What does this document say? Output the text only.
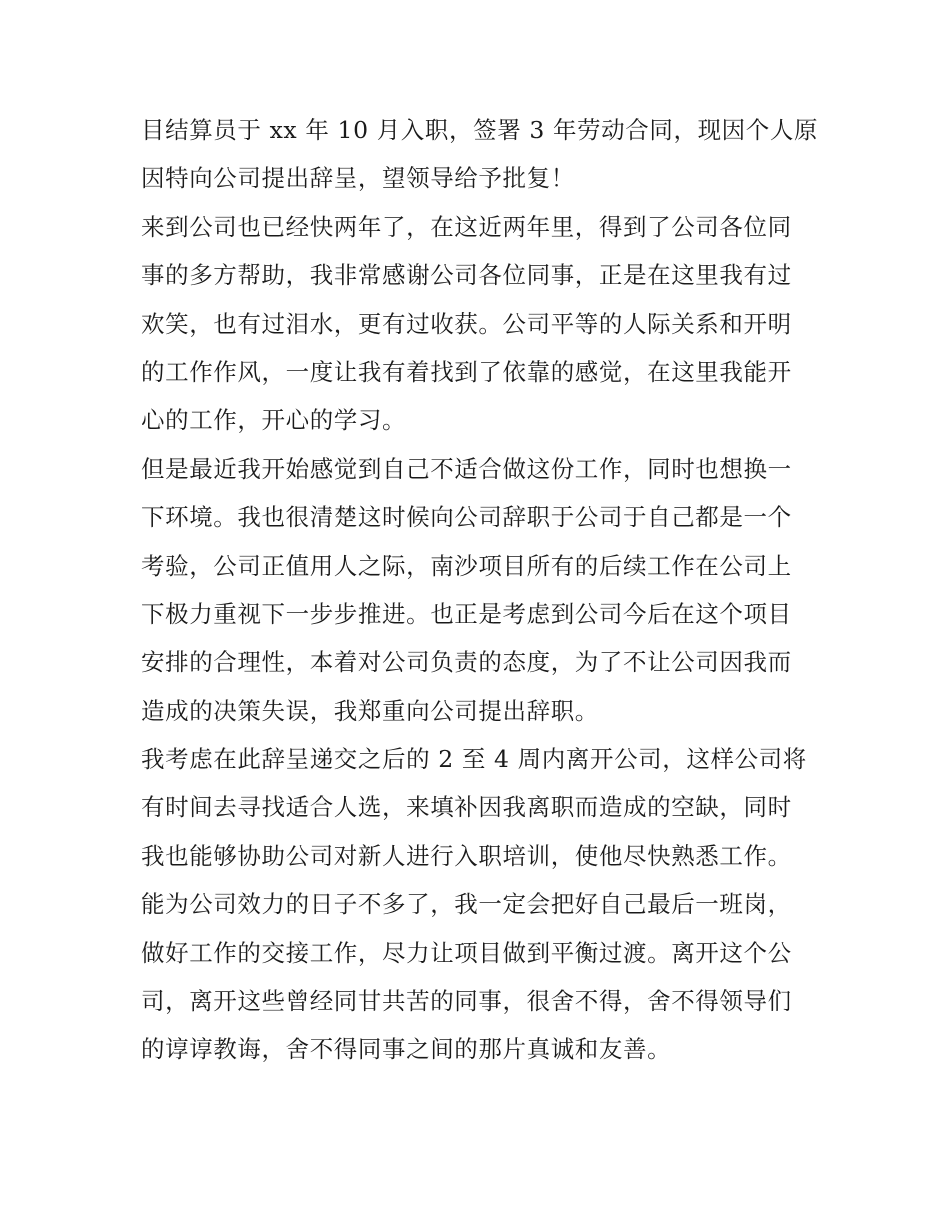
目结算员于 xx 年 10 月入职，签署 3 年劳动合同，现因个人原
因特向公司提出辞呈，望领导给予批复！
来到公司也已经快两年了，在这近两年里，得到了公司各位同
事的多方帮助，我非常感谢公司各位同事，正是在这里我有过
欢笑，也有过泪水，更有过收获。公司平等的人际关系和开明
的工作作风，一度让我有着找到了依靠的感觉，在这里我能开
心的工作，开心的学习。
但是最近我开始感觉到自己不适合做这份工作，同时也想换一
下环境。我也很清楚这时候向公司辞职于公司于自己都是一个
考验，公司正值用人之际，南沙项目所有的后续工作在公司上
下极力重视下一步步推进。也正是考虑到公司今后在这个项目
安排的合理性，本着对公司负责的态度，为了不让公司因我而
造成的决策失误，我郑重向公司提出辞职。
我考虑在此辞呈递交之后的 2 至 4 周内离开公司，这样公司将
有时间去寻找适合人选，来填补因我离职而造成的空缺，同时
我也能够协助公司对新人进行入职培训，使他尽快熟悉工作。
能为公司效力的日子不多了，我一定会把好自己最后一班岗，
做好工作的交接工作，尽力让项目做到平衡过渡。离开这个公
司，离开这些曾经同甘共苦的同事，很舍不得，舍不得领导们
的谆谆教诲，舍不得同事之间的那片真诚和友善。
